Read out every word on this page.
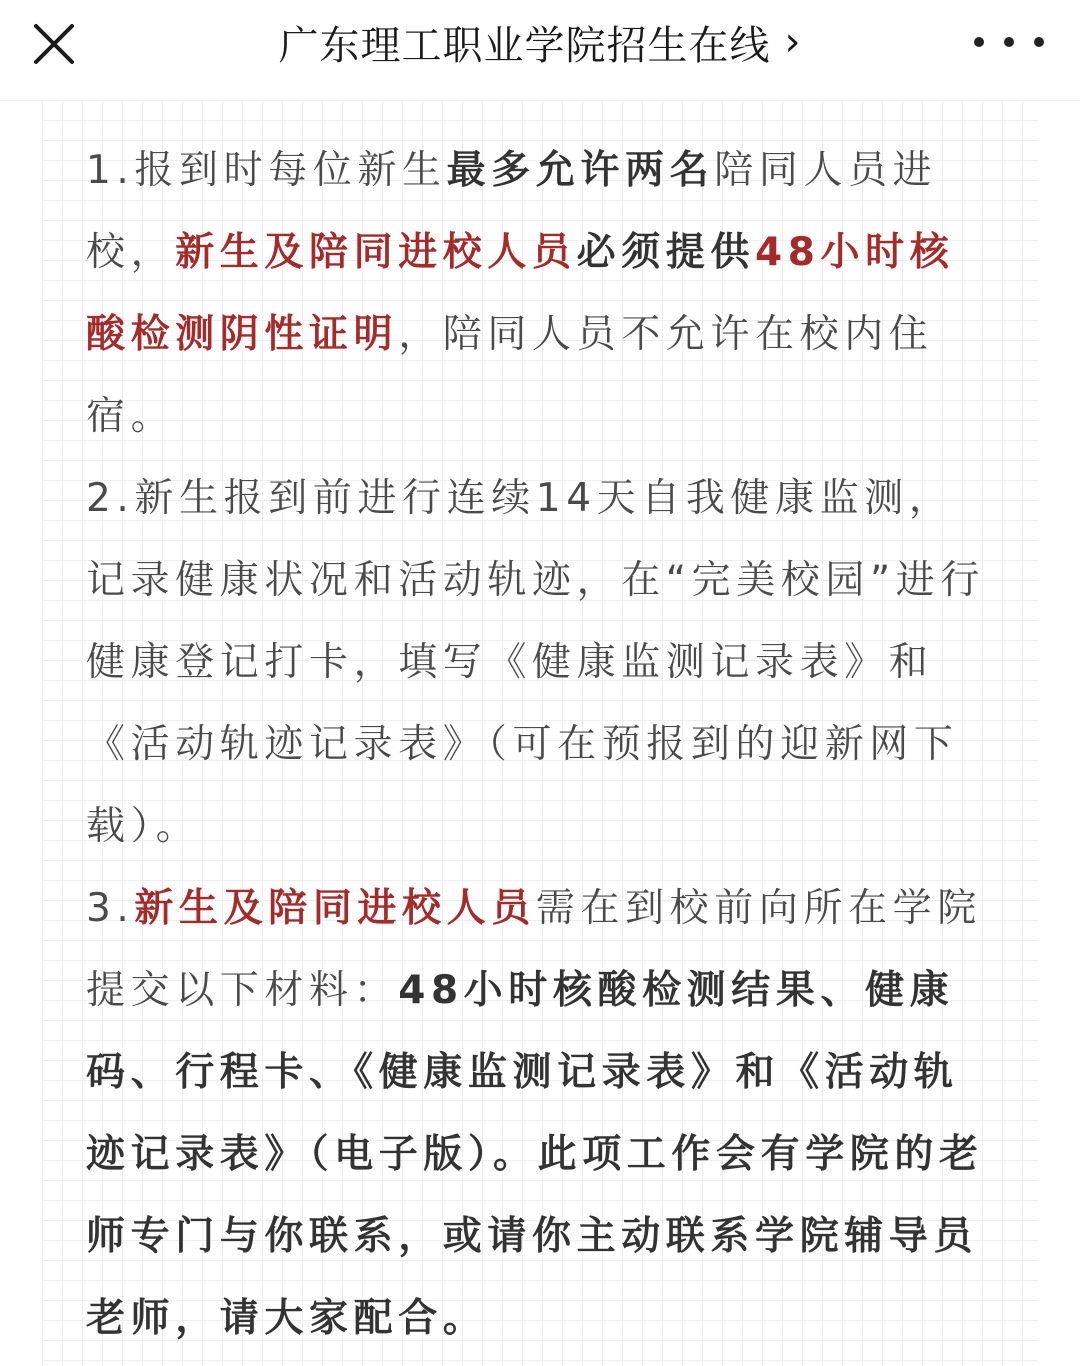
广东理工职业学院招生在线 ›

1.报到时每位新生最多允许两名陪同人员进校，新生及陪同进校人员必须提供48小时核酸检测阴性证明，陪同人员不允许在校内住宿。

2.新生报到前进行连续14天自我健康监测，记录健康状况和活动轨迹，在“完美校园”进行健康登记打卡，填写《健康监测记录表》和《活动轨迹记录表》（可在预报到的迎新网下载）。

3.新生及陪同进校人员需在到校前向所在学院提交以下材料：48小时核酸检测结果、健康码、行程卡、《健康监测记录表》和《活动轨迹记录表》（电子版）。此项工作会有学院的老师专门与你联系，或请你主动联系学院辅导员老师，请大家配合。
